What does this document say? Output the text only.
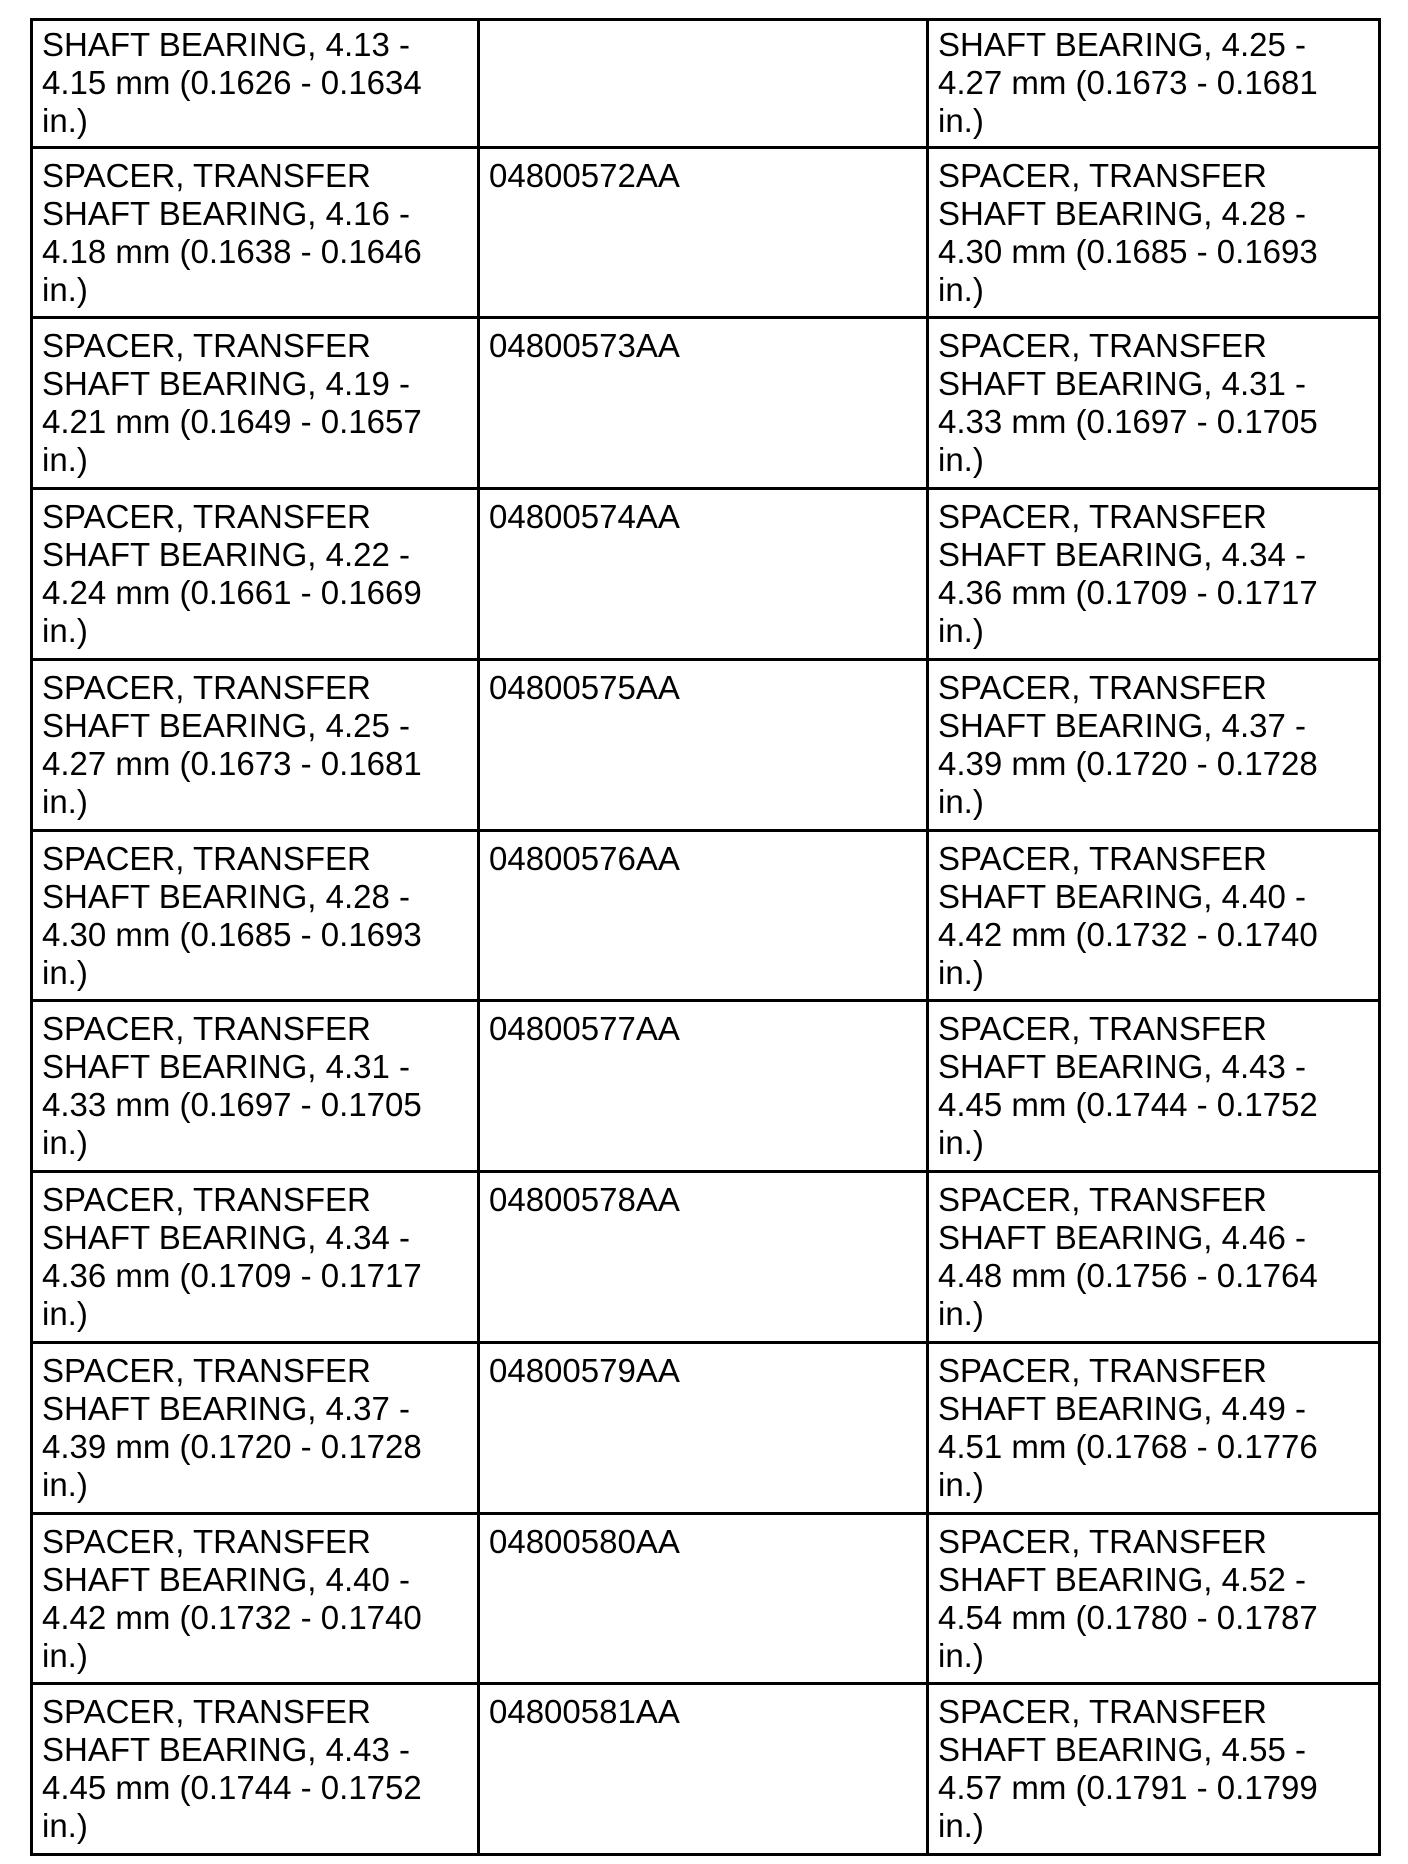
SHAFT BEARING, 4.13 - 4.15 mm (0.1626 - 0.1634 in.)		SHAFT BEARING, 4.25 - 4.27 mm (0.1673 - 0.1681 in.)
SPACER, TRANSFER SHAFT BEARING, 4.16 - 4.18 mm (0.1638 - 0.1646 in.)	04800572AA	SPACER, TRANSFER SHAFT BEARING, 4.28 - 4.30 mm (0.1685 - 0.1693 in.)
SPACER, TRANSFER SHAFT BEARING, 4.19 - 4.21 mm (0.1649 - 0.1657 in.)	04800573AA	SPACER, TRANSFER SHAFT BEARING, 4.31 - 4.33 mm (0.1697 - 0.1705 in.)
SPACER, TRANSFER SHAFT BEARING, 4.22 - 4.24 mm (0.1661 - 0.1669 in.)	04800574AA	SPACER, TRANSFER SHAFT BEARING, 4.34 - 4.36 mm (0.1709 - 0.1717 in.)
SPACER, TRANSFER SHAFT BEARING, 4.25 - 4.27 mm (0.1673 - 0.1681 in.)	04800575AA	SPACER, TRANSFER SHAFT BEARING, 4.37 - 4.39 mm (0.1720 - 0.1728 in.)
SPACER, TRANSFER SHAFT BEARING, 4.28 - 4.30 mm (0.1685 - 0.1693 in.)	04800576AA	SPACER, TRANSFER SHAFT BEARING, 4.40 - 4.42 mm (0.1732 - 0.1740 in.)
SPACER, TRANSFER SHAFT BEARING, 4.31 - 4.33 mm (0.1697 - 0.1705 in.)	04800577AA	SPACER, TRANSFER SHAFT BEARING, 4.43 - 4.45 mm (0.1744 - 0.1752 in.)
SPACER, TRANSFER SHAFT BEARING, 4.34 - 4.36 mm (0.1709 - 0.1717 in.)	04800578AA	SPACER, TRANSFER SHAFT BEARING, 4.46 - 4.48 mm (0.1756 - 0.1764 in.)
SPACER, TRANSFER SHAFT BEARING, 4.37 - 4.39 mm (0.1720 - 0.1728 in.)	04800579AA	SPACER, TRANSFER SHAFT BEARING, 4.49 - 4.51 mm (0.1768 - 0.1776 in.)
SPACER, TRANSFER SHAFT BEARING, 4.40 - 4.42 mm (0.1732 - 0.1740 in.)	04800580AA	SPACER, TRANSFER SHAFT BEARING, 4.52 - 4.54 mm (0.1780 - 0.1787 in.)
SPACER, TRANSFER SHAFT BEARING, 4.43 - 4.45 mm (0.1744 - 0.1752 in.)	04800581AA	SPACER, TRANSFER SHAFT BEARING, 4.55 - 4.57 mm (0.1791 - 0.1799 in.)
